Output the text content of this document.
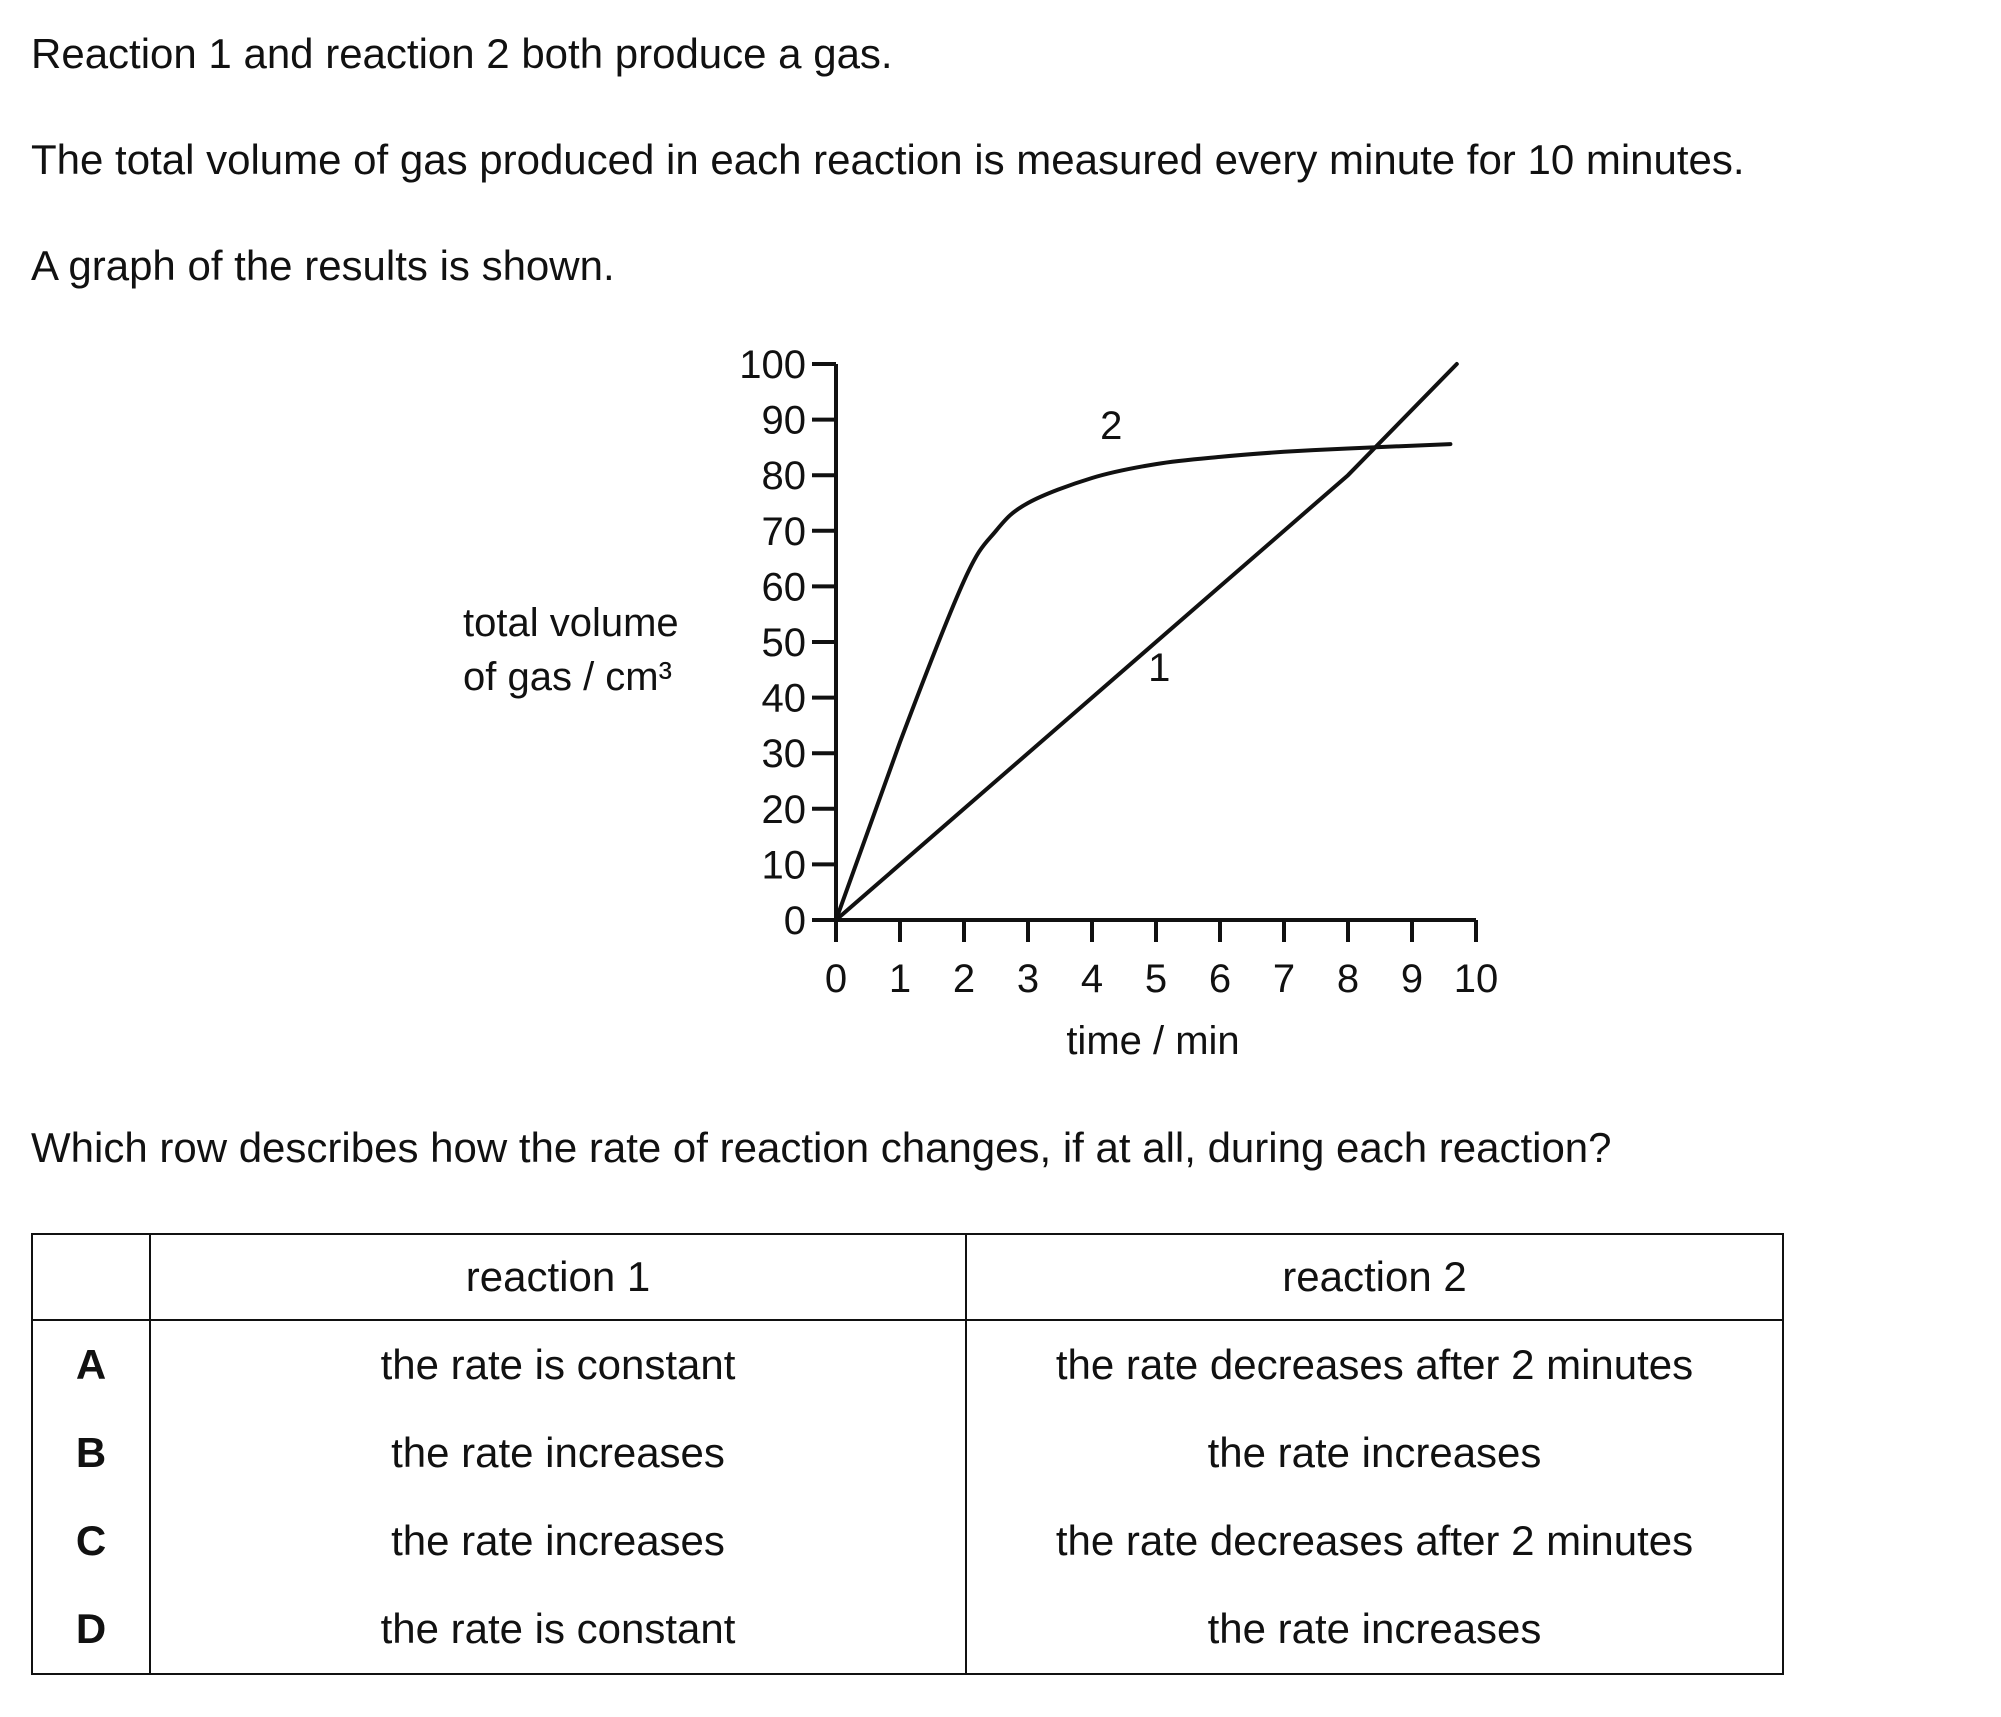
Reaction 1 and reaction 2 both produce a gas.

The total volume of gas produced in each reaction is measured every minute for 10 minutes.

A graph of the results is shown.

total volume
of gas / cm³
time / min
0
10
20
30
40
50
60
70
80
90
100
0 1 2 3 4 5 6 7 8 9 10
1
2

Which row describes how the rate of reaction changes, if at all, during each reaction?

	reaction 1	reaction 2
A	the rate is constant	the rate decreases after 2 minutes
B	the rate increases	the rate increases
C	the rate increases	the rate decreases after 2 minutes
D	the rate is constant	the rate increases
